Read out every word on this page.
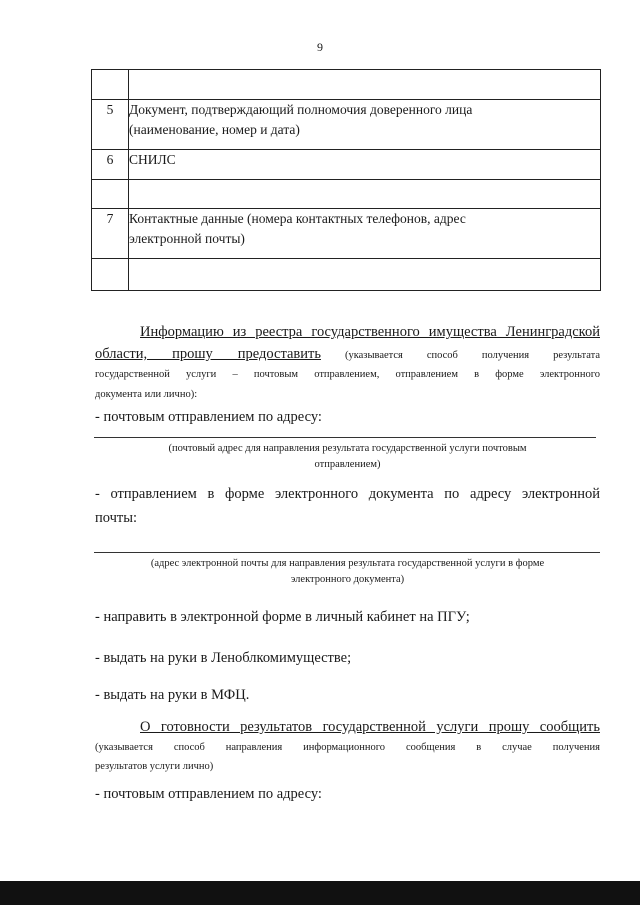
9

5	Документ, подтверждающий полномочия доверенного лица
(наименование, номер и дата)

6	СНИЛС

7	Контактные данные (номера контактных телефонов, адрес
электронной почты)

Информацию из реестра государственного имущества Ленинградской
области, прошу предоставить (указывается способ получения результата
государственной услуги – почтовым отправлением, отправлением в форме электронного
документа или лично):
- почтовым отправлением по адресу:
(почтовый адрес для направления результата государственной услуги почтовым
отправлением)
- отправлением в форме электронного документа по адресу электронной
почты:
(адрес электронной почты для направления результата государственной услуги в форме
электронного документа)
- направить в электронной форме в личный кабинет на ПГУ;
- выдать на руки в Леноблкомимуществе;
- выдать на руки в МФЦ.
О готовности результатов государственной услуги прошу сообщить
(указывается способ направления информационного сообщения в случае получения
результатов услуги лично)
- почтовым отправлением по адресу:
